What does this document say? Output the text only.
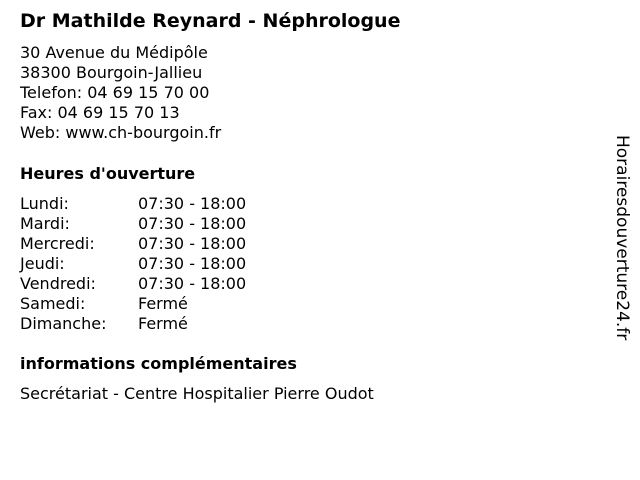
Dr Mathilde Reynard - Néphrologue
30 Avenue du Médipôle
38300 Bourgoin-Jallieu
Telefon: 04 69 15 70 00
Fax: 04 69 15 70 13
Web: www.ch-bourgoin.fr
Heures d'ouverture
Lundi:	07:30 - 18:00
Mardi:	07:30 - 18:00
Mercredi:	07:30 - 18:00
Jeudi:	07:30 - 18:00
Vendredi:	07:30 - 18:00
Samedi:	Fermé
Dimanche:	Fermé
informations complémentaires
Secrétariat - Centre Hospitalier Pierre Oudot
Horairesdouverture24.fr
